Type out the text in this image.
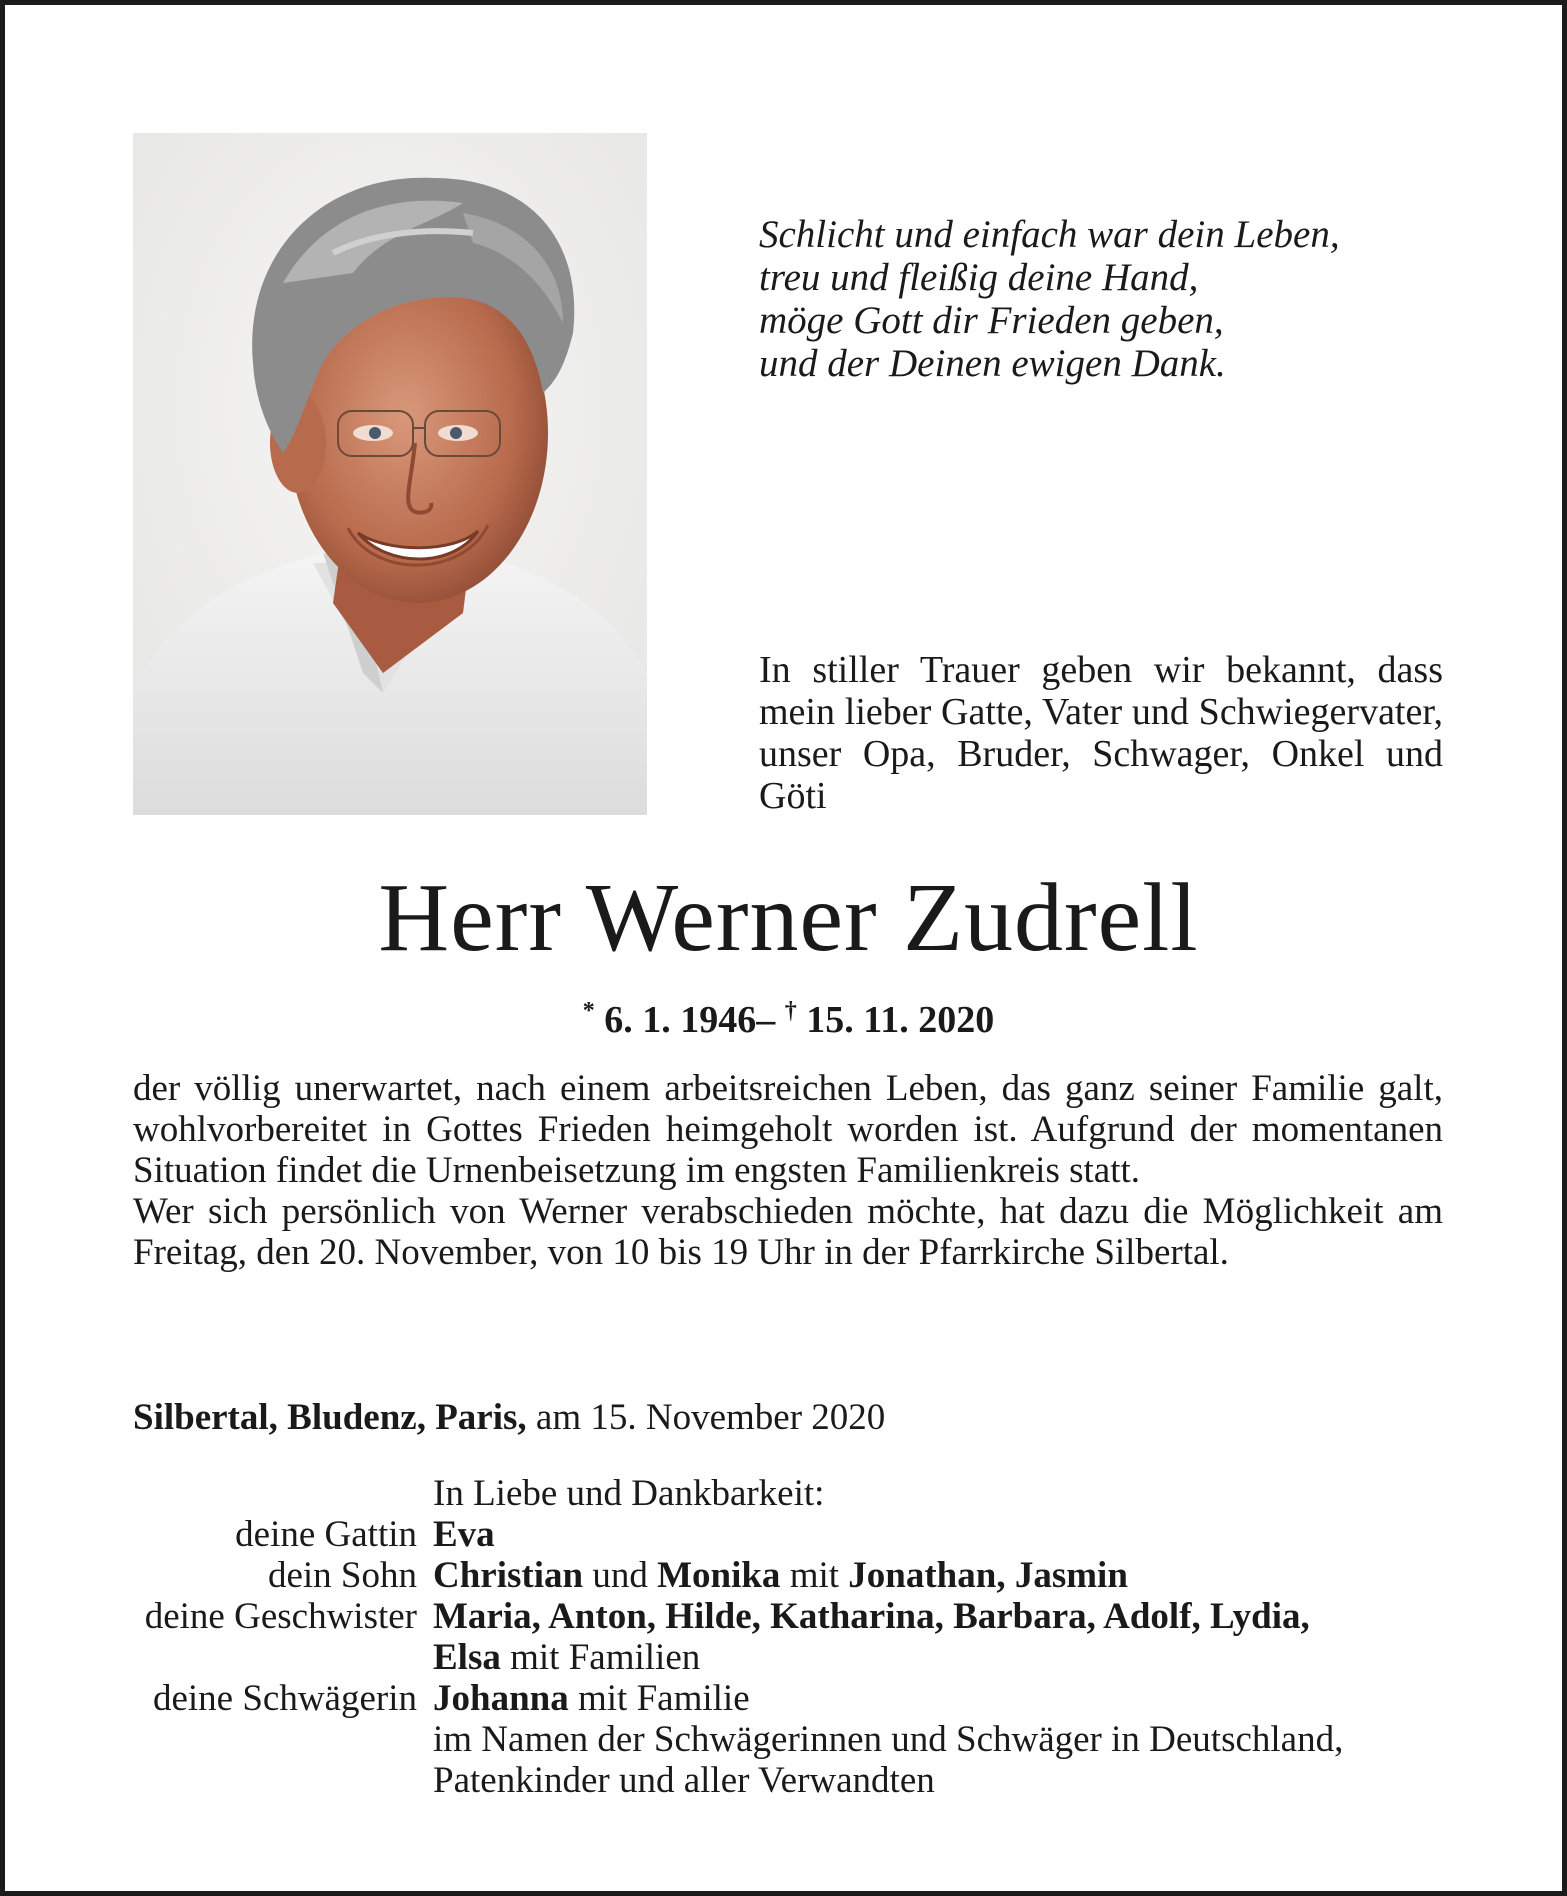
Schlicht und einfach war dein Leben,
treu und fleißig deine Hand,
möge Gott dir Frieden geben,
und der Deinen ewigen Dank.
In stiller Trauer geben wir bekannt, dass mein lieber Gatte, Vater und Schwiegervater, unser Opa, Bruder, Schwager, Onkel und Göti
Herr Werner Zudrell
* 6. 1. 1946– † 15. 11. 2020

der völlig unerwartet, nach einem arbeitsreichen Leben, das ganz seiner Familie galt, wohlvorbereitet in Gottes Frieden heimgeholt worden ist. Aufgrund der momentanen Situation findet die Urnenbeisetzung im engsten Familienkreis statt.

Wer sich persönlich von Werner verabschieden möchte, hat dazu die Möglichkeit am Freitag, den 20. November, von 10 bis 19 Uhr in der Pfarrkirche Silbertal.

Silbertal, Bludenz, Paris, am 15. November 2020
In Liebe und Dankbarkeit:
deine Gattin Eva
dein Sohn Christian und Monika mit Jonathan, Jasmin
deine Geschwister Maria, Anton, Hilde, Katharina, Barbara, Adolf, Lydia,
Elsa mit Familien
deine Schwägerin Johanna mit Familie
im Namen der Schwägerinnen und Schwäger in Deutschland,
Patenkinder und aller Verwandten
